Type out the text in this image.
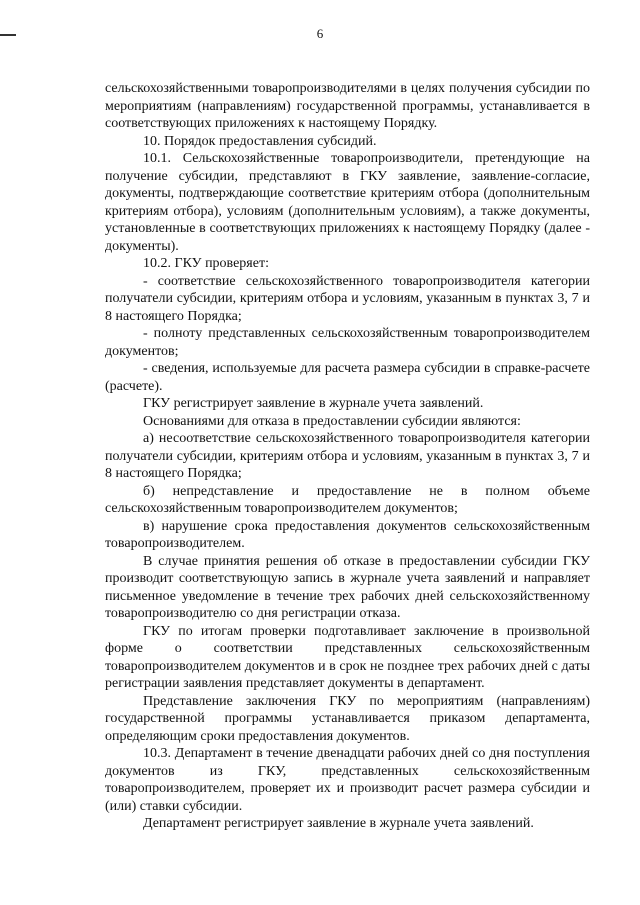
6

сельскохозяйственными товаропроизводителями в целях получения субсидии по мероприятиям (направлениям) государственной программы, устанавливается в соответствующих приложениях к настоящему Порядку.

10. Порядок предоставления субсидий.

10.1. Сельскохозяйственные товаропроизводители, претендующие на получение субсидии, представляют в ГКУ заявление, заявление-согласие, документы, подтверждающие соответствие критериям отбора (дополнительным критериям отбора), условиям (дополнительным условиям), а также документы, установленные в соответствующих приложениях к настоящему Порядку (далее - документы).

10.2. ГКУ проверяет:

- соответствие сельскохозяйственного товаропроизводителя категории получатели субсидии, критериям отбора и условиям, указанным в пунктах 3, 7 и 8 настоящего Порядка;

- полноту представленных сельскохозяйственным товаропроизводителем документов;

- сведения, используемые для расчета размера субсидии в справке-расчете (расчете).

ГКУ регистрирует заявление в журнале учета заявлений.

Основаниями для отказа в предоставлении субсидии являются:

а) несоответствие сельскохозяйственного товаропроизводителя категории получатели субсидии, критериям отбора и условиям, указанным в пунктах 3, 7 и 8 настоящего Порядка;

б) непредставление и предоставление не в полном объеме сельскохозяйственным товаропроизводителем документов;

в) нарушение срока предоставления документов сельскохозяйственным товаропроизводителем.

В случае принятия решения об отказе в предоставлении субсидии ГКУ производит соответствующую запись в журнале учета заявлений и направляет письменное уведомление в течение трех рабочих дней сельскохозяйственному товаропроизводителю со дня регистрации отказа.

ГКУ по итогам проверки подготавливает заключение в произвольной форме о соответствии представленных сельскохозяйственным товаропроизводителем документов и в срок не позднее трех рабочих дней с даты регистрации заявления представляет документы в департамент.

Представление заключения ГКУ по мероприятиям (направлениям) государственной программы устанавливается приказом департамента, определяющим сроки предоставления документов.

10.3. Департамент в течение двенадцати рабочих дней со дня поступления документов из ГКУ, представленных сельскохозяйственным товаропроизводителем, проверяет их и производит расчет размера субсидии и (или) ставки субсидии.

Департамент регистрирует заявление в журнале учета заявлений.
